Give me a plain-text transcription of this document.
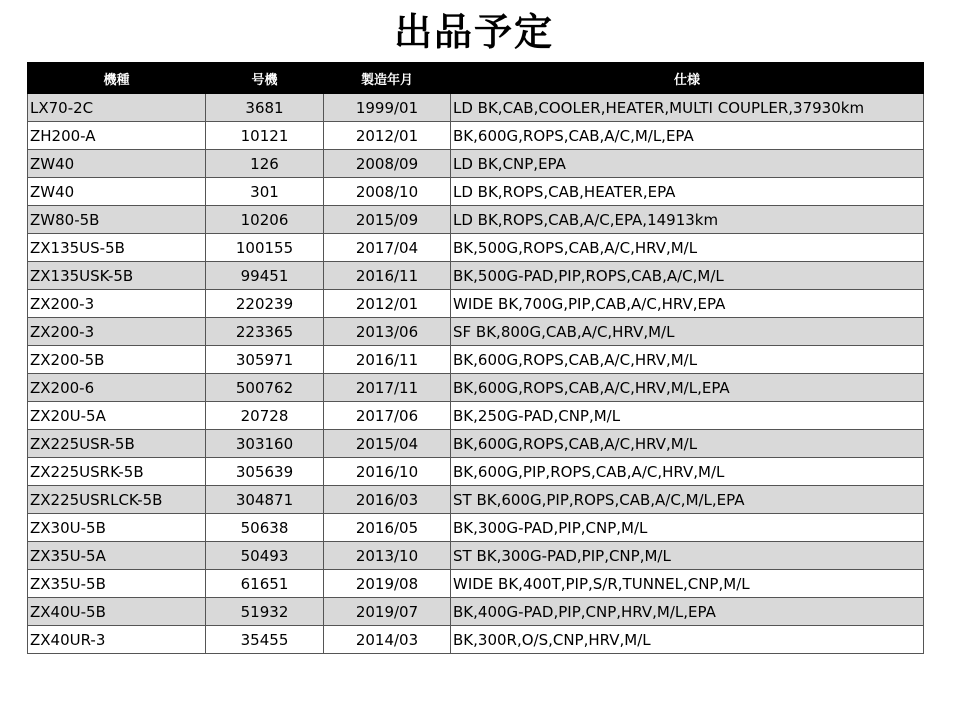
出品予定
機種	号機	製造年月	仕様
LX70-2C	3681	1999/01	LD BK,CAB,COOLER,HEATER,MULTI COUPLER,37930km
ZH200-A	10121	2012/01	BK,600G,ROPS,CAB,A/C,M/L,EPA
ZW40	126	2008/09	LD BK,CNP,EPA
ZW40	301	2008/10	LD BK,ROPS,CAB,HEATER,EPA
ZW80-5B	10206	2015/09	LD BK,ROPS,CAB,A/C,EPA,14913km
ZX135US-5B	100155	2017/04	BK,500G,ROPS,CAB,A/C,HRV,M/L
ZX135USK-5B	99451	2016/11	BK,500G-PAD,PIP,ROPS,CAB,A/C,M/L
ZX200-3	220239	2012/01	WIDE BK,700G,PIP,CAB,A/C,HRV,EPA
ZX200-3	223365	2013/06	SF BK,800G,CAB,A/C,HRV,M/L
ZX200-5B	305971	2016/11	BK,600G,ROPS,CAB,A/C,HRV,M/L
ZX200-6	500762	2017/11	BK,600G,ROPS,CAB,A/C,HRV,M/L,EPA
ZX20U-5A	20728	2017/06	BK,250G-PAD,CNP,M/L
ZX225USR-5B	303160	2015/04	BK,600G,ROPS,CAB,A/C,HRV,M/L
ZX225USRK-5B	305639	2016/10	BK,600G,PIP,ROPS,CAB,A/C,HRV,M/L
ZX225USRLCK-5B	304871	2016/03	ST BK,600G,PIP,ROPS,CAB,A/C,M/L,EPA
ZX30U-5B	50638	2016/05	BK,300G-PAD,PIP,CNP,M/L
ZX35U-5A	50493	2013/10	ST BK,300G-PAD,PIP,CNP,M/L
ZX35U-5B	61651	2019/08	WIDE BK,400T,PIP,S/R,TUNNEL,CNP,M/L
ZX40U-5B	51932	2019/07	BK,400G-PAD,PIP,CNP,HRV,M/L,EPA
ZX40UR-3	35455	2014/03	BK,300R,O/S,CNP,HRV,M/L
